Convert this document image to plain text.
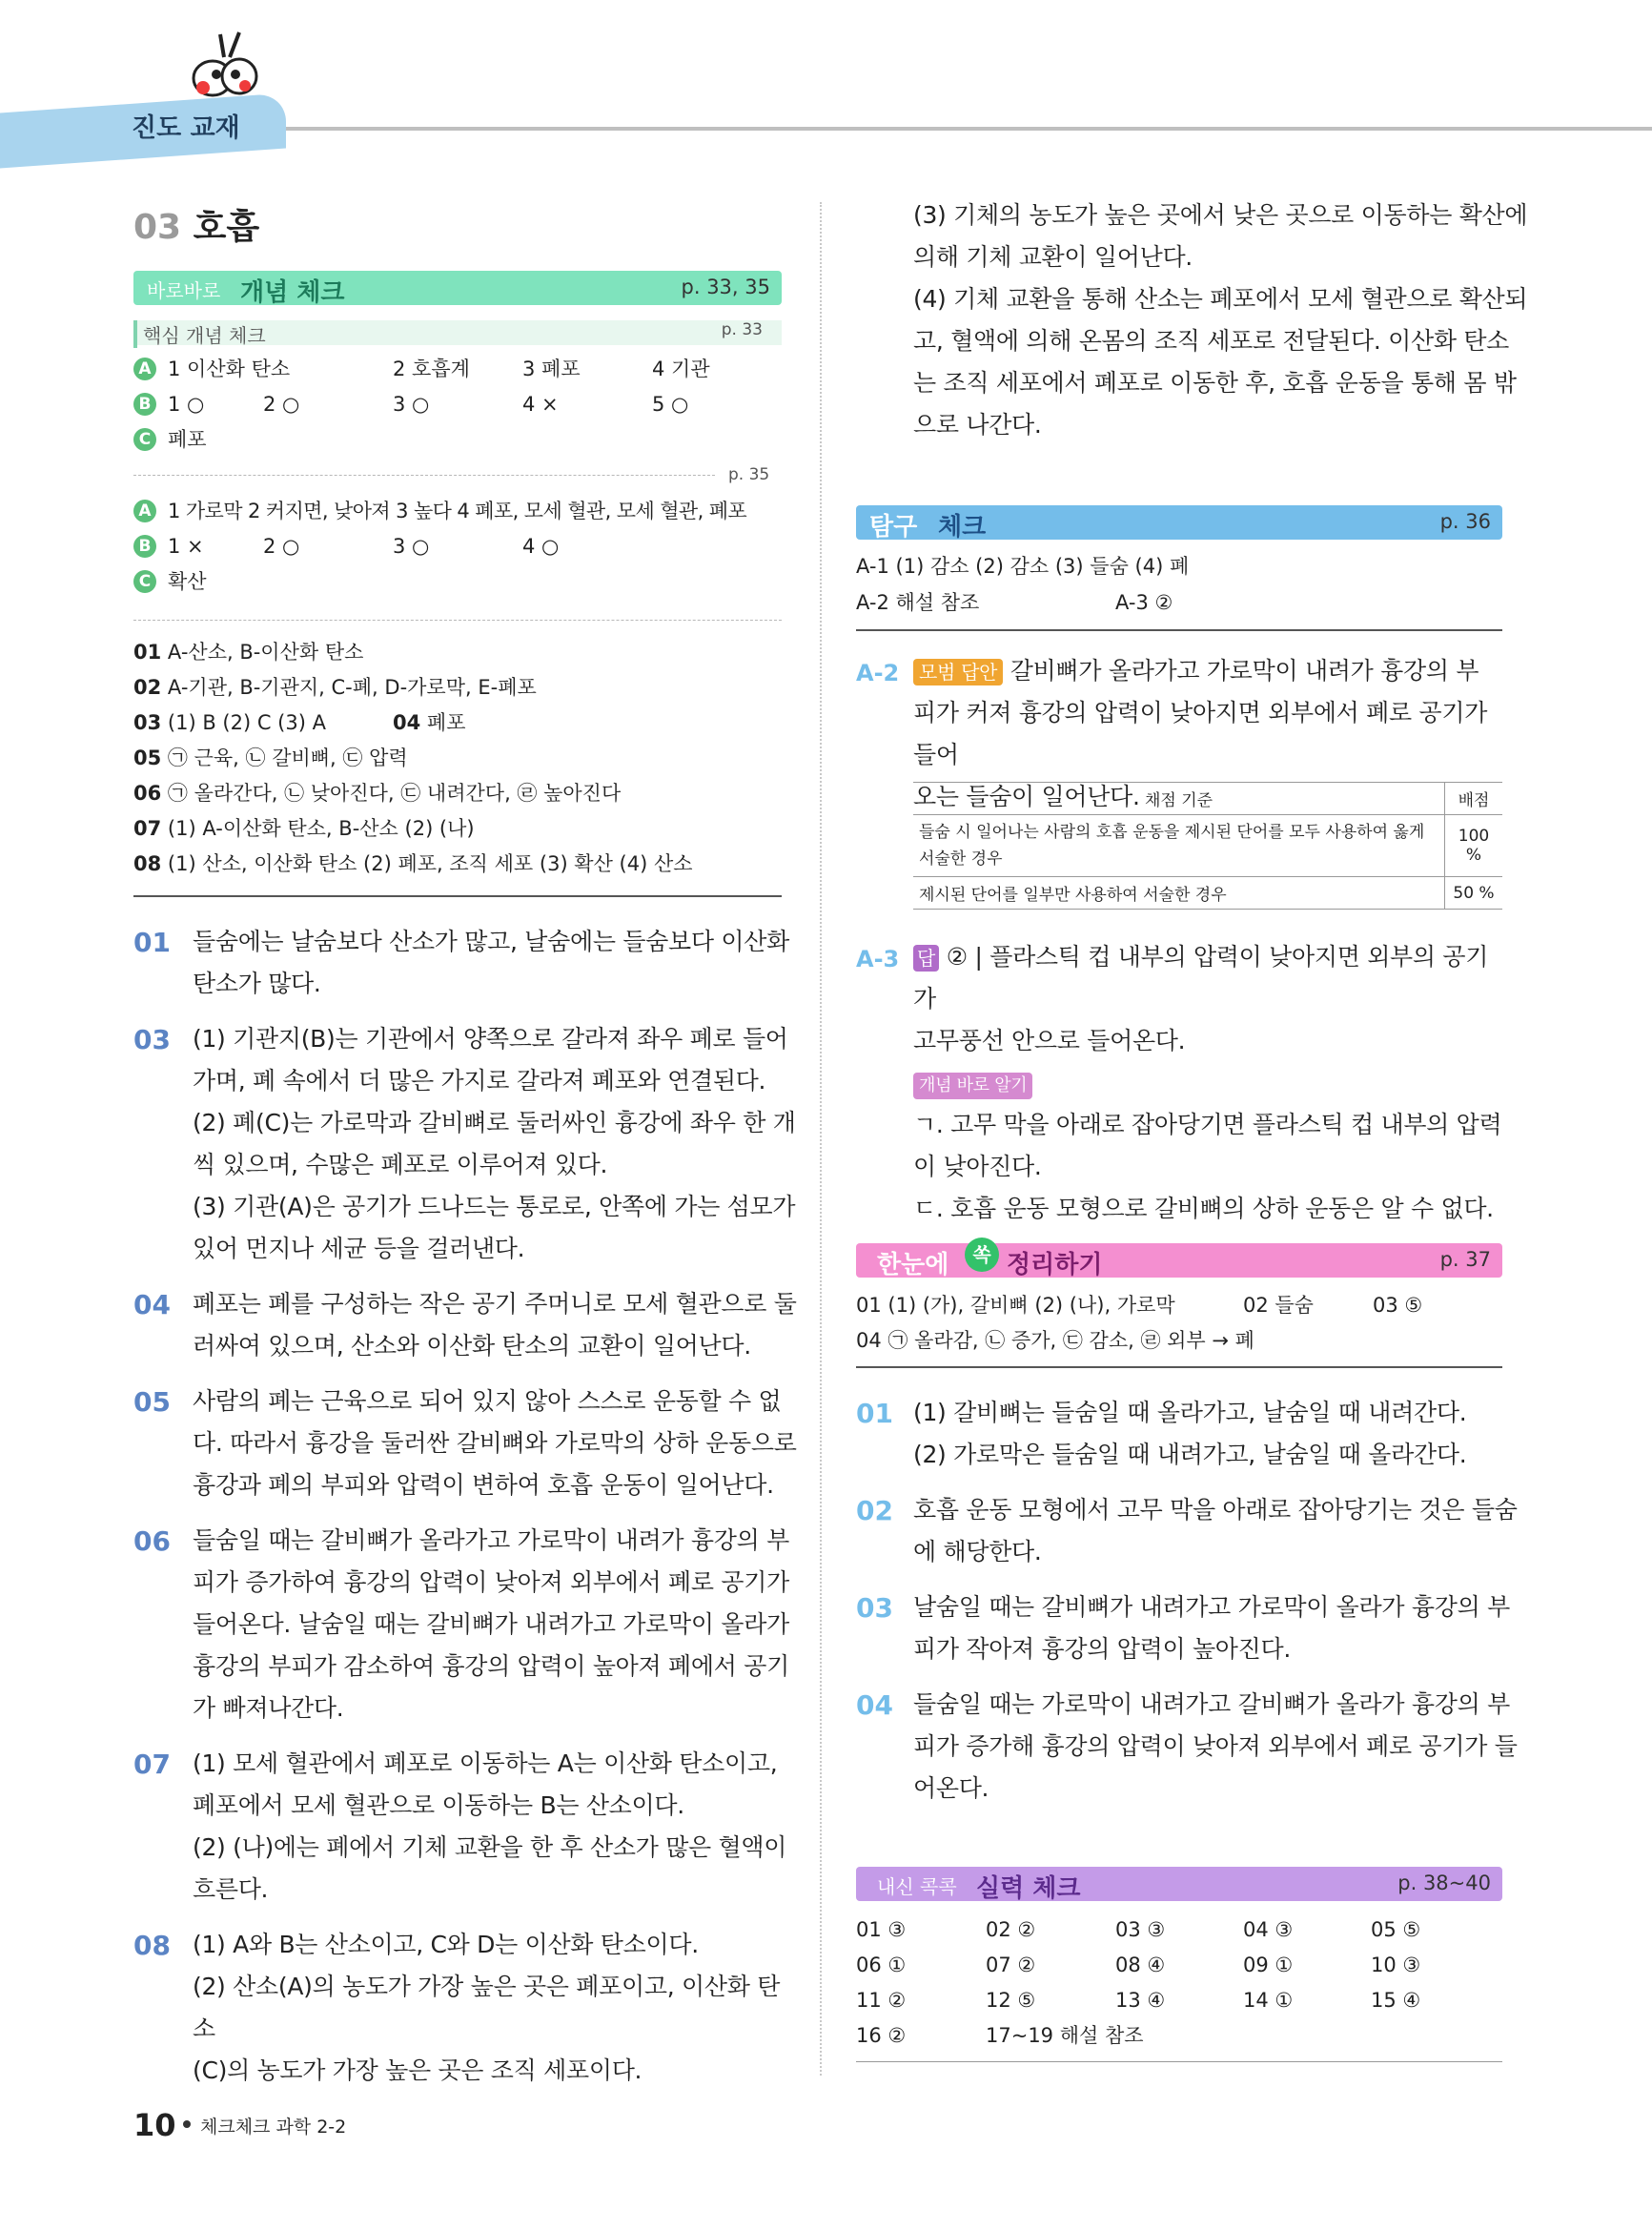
진도 교재
03 호흡
바로바로 개념 체크	p. 33, 35
핵심 개념 체크	p. 33
A 1 이산화 탄소	2 호흡계	3 폐포	4 기관
B 1 ○	2 ○	3 ○	4 ×	5 ○
C 폐포
p. 35
A 1 가로막 2 커지면, 낮아져 3 높다 4 폐포, 모세 혈관, 모세 혈관, 폐포
B 1 ×	2 ○	3 ○	4 ○
C 확산
01 A-산소, B-이산화 탄소
02 A-기관, B-기관지, C-폐, D-가로막, E-폐포
03 (1) B (2) C (3) A	04 폐포
05 ㉠ 근육, ㉡ 갈비뼈, ㉢ 압력
06 ㉠ 올라간다, ㉡ 낮아진다, ㉢ 내려간다, ㉣ 높아진다
07 (1) A-이산화 탄소, B-산소 (2) (나)
08 (1) 산소, 이산화 탄소 (2) 폐포, 조직 세포 (3) 확산 (4) 산소
01 들숨에는 날숨보다 산소가 많고, 날숨에는 들숨보다 이산화
탄소가 많다.
03 (1) 기관지(B)는 기관에서 양쪽으로 갈라져 좌우 폐로 들어
가며, 폐 속에서 더 많은 가지로 갈라져 폐포와 연결된다.
(2) 폐(C)는 가로막과 갈비뼈로 둘러싸인 흉강에 좌우 한 개
씩 있으며, 수많은 폐포로 이루어져 있다.
(3) 기관(A)은 공기가 드나드는 통로로, 안쪽에 가는 섬모가
있어 먼지나 세균 등을 걸러낸다.
04 폐포는 폐를 구성하는 작은 공기 주머니로 모세 혈관으로 둘
러싸여 있으며, 산소와 이산화 탄소의 교환이 일어난다.
05 사람의 폐는 근육으로 되어 있지 않아 스스로 운동할 수 없
다. 따라서 흉강을 둘러싼 갈비뼈와 가로막의 상하 운동으로
흉강과 폐의 부피와 압력이 변하여 호흡 운동이 일어난다.
06 들숨일 때는 갈비뼈가 올라가고 가로막이 내려가 흉강의 부
피가 증가하여 흉강의 압력이 낮아져 외부에서 폐로 공기가
들어온다. 날숨일 때는 갈비뼈가 내려가고 가로막이 올라가
흉강의 부피가 감소하여 흉강의 압력이 높아져 폐에서 공기
가 빠져나간다.
07 (1) 모세 혈관에서 폐포로 이동하는 A는 이산화 탄소이고,
폐포에서 모세 혈관으로 이동하는 B는 산소이다.
(2) (나)에는 폐에서 기체 교환을 한 후 산소가 많은 혈액이
흐른다.
08 (1) A와 B는 산소이고, C와 D는 이산화 탄소이다.
(2) 산소(A)의 농도가 가장 높은 곳은 폐포이고, 이산화 탄소
(C)의 농도가 가장 높은 곳은 조직 세포이다.
(3) 기체의 농도가 높은 곳에서 낮은 곳으로 이동하는 확산에
의해 기체 교환이 일어난다.
(4) 기체 교환을 통해 산소는 폐포에서 모세 혈관으로 확산되
고, 혈액에 의해 온몸의 조직 세포로 전달된다. 이산화 탄소
는 조직 세포에서 폐포로 이동한 후, 호흡 운동을 통해 몸 밖
으로 나간다.
탐구 체크	p. 36
A-1 (1) 감소 (2) 감소 (3) 들숨 (4) 폐
A-2 해설 참조	A-3 ②
A-2	모범 답안 갈비뼈가 올라가고 가로막이 내려가 흉강의 부
피가 커져 흉강의 압력이 낮아지면 외부에서 폐로 공기가 들어
오는 들숨이 일어난다. 채점 기준	배점
들숨 시 일어나는 사람의 호흡 운동을 제시된 단어를 모두 사용하여 옳게 서술한 경우	100 %
제시된 단어를 일부만 사용하여 서술한 경우	50 %
A-3 답 ② | 플라스틱 컵 내부의 압력이 낮아지면 외부의 공기가
고무풍선 안으로 들어온다.
개념 바로 알기
ㄱ. 고무 막을 아래로 잡아당기면 플라스틱 컵 내부의 압력
이 낮아진다.
ㄷ. 호흡 운동 모형으로 갈비뼈의 상하 운동은 알 수 없다.
한눈에	쏙 정리하기	p. 37
01 (1) (가), 갈비뼈 (2) (나), 가로막	02 들숨	03 ⑤
04 ㉠ 올라감, ㉡ 증가, ㉢ 감소, ㉣ 외부 → 폐
01 (1) 갈비뼈는 들숨일 때 올라가고, 날숨일 때 내려간다.
(2) 가로막은 들숨일 때 내려가고, 날숨일 때 올라간다.
02 호흡 운동 모형에서 고무 막을 아래로 잡아당기는 것은 들숨
에 해당한다.
03 날숨일 때는 갈비뼈가 내려가고 가로막이 올라가 흉강의 부
피가 작아져 흉강의 압력이 높아진다.
04 들숨일 때는 가로막이 내려가고 갈비뼈가 올라가 흉강의 부
피가 증가해 흉강의 압력이 낮아져 외부에서 폐로 공기가 들
어온다.
내신 콕콕 실력 체크	p. 38~40
01 ③	02 ②	03 ③	04 ③	05 ⑤
06 ①	07 ②	08 ④	09 ①	10 ③
11 ②	12 ⑤	13 ④	14 ①	15 ④
16 ②	17~19 해설 참조
10 체크체크 과학 2-2
